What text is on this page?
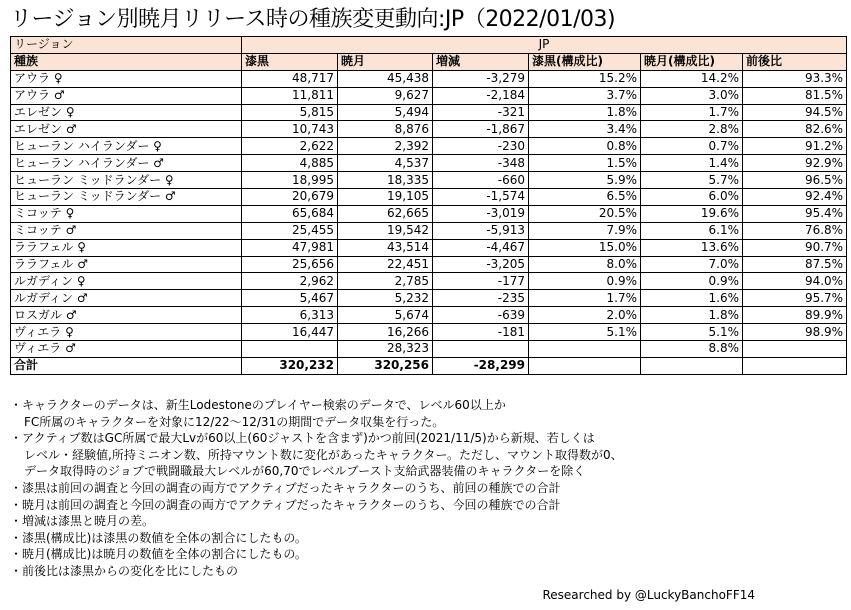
リージョン別暁月リリース時の種族変更動向:JP（2022/01/03)
リージョン	JP					
種族	漆黒	暁月	増減	漆黒(構成比)	暁月(構成比)	前後比
アウラ ♀	48,717	45,438	-3,279	15.2%	14.2%	93.3%
アウラ ♂	11,811	9,627	-2,184	3.7%	3.0%	81.5%
エレゼン ♀	5,815	5,494	-321	1.8%	1.7%	94.5%
エレゼン ♂	10,743	8,876	-1,867	3.4%	2.8%	82.6%
ヒューラン ハイランダー ♀	2,622	2,392	-230	0.8%	0.7%	91.2%
ヒューラン ハイランダー ♂	4,885	4,537	-348	1.5%	1.4%	92.9%
ヒューラン ミッドランダー ♀	18,995	18,335	-660	5.9%	5.7%	96.5%
ヒューラン ミッドランダー ♂	20,679	19,105	-1,574	6.5%	6.0%	92.4%
ミコッテ ♀	65,684	62,665	-3,019	20.5%	19.6%	95.4%
ミコッテ ♂	25,455	19,542	-5,913	7.9%	6.1%	76.8%
ララフェル ♀	47,981	43,514	-4,467	15.0%	13.6%	90.7%
ララフェル ♂	25,656	22,451	-3,205	8.0%	7.0%	87.5%
ルガディン ♀	2,962	2,785	-177	0.9%	0.9%	94.0%
ルガディン ♂	5,467	5,232	-235	1.7%	1.6%	95.7%
ロスガル ♂	6,313	5,674	-639	2.0%	1.8%	89.9%
ヴィエラ ♀	16,447	16,266	-181	5.1%	5.1%	98.9%
ヴィエラ ♂		28,323			8.8%	
合計	320,232	320,256	-28,299			
・キャラクターのデータは、新生Lodestoneのプレイヤー検索のデータで、レベル60以上か
FC所属のキャラクターを対象に12/22～12/31の期間でデータ収集を行った。
・アクティブ数はGC所属で最大Lvが60以上(60ジャストを含まず)かつ前回(2021/11/5)から新規、若しくは
レベル・経験値,所持ミニオン数、所持マウント数に変化があったキャラクター。ただし、マウント取得数が0、
データ取得時のジョブで戦闘職最大レベルが60,70でレベルブースト支給武器装備のキャラクターを除く
・漆黒は前回の調査と今回の調査の両方でアクティブだったキャラクターのうち、前回の種族での合計
・暁月は前回の調査と今回の調査の両方でアクティブだったキャラクターのうち、今回の種族での合計
・増減は漆黒と暁月の差。
・漆黒(構成比)は漆黒の数値を全体の割合にしたもの。
・暁月(構成比)は暁月の数値を全体の割合にしたもの。
・前後比は漆黒からの変化を比にしたもの
Researched by @LuckyBanchoFF14
